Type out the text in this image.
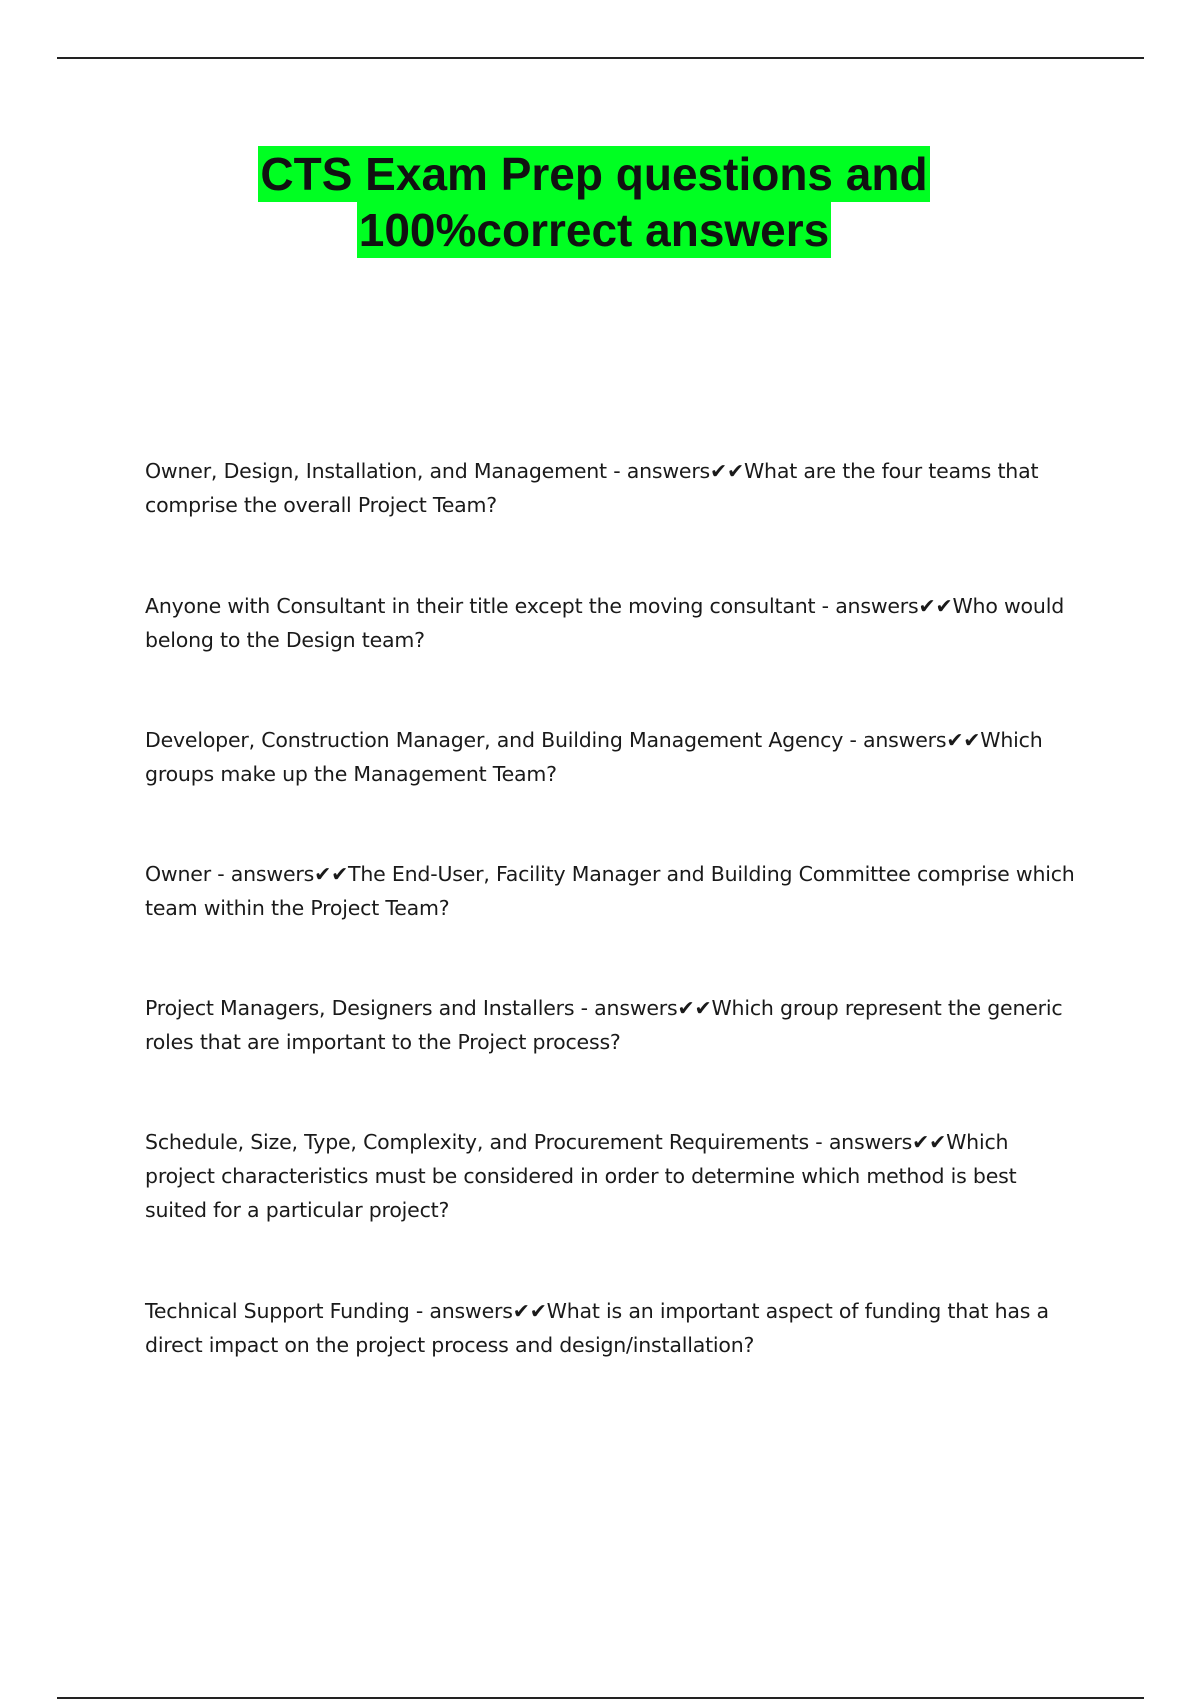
CTS Exam Prep questions and
100%correct answers
Owner, Design, Installation, and Management - answers✔✔What are the four teams that comprise the overall Project Team?
Anyone with Consultant in their title except the moving consultant - answers✔✔Who would belong to the Design team?
Developer, Construction Manager, and Building Management Agency - answers✔✔Which groups make up the Management Team?
Owner - answers✔✔The End-User, Facility Manager and Building Committee comprise which team within the Project Team?
Project Managers, Designers and Installers - answers✔✔Which group represent the generic roles that are important to the Project process?
Schedule, Size, Type, Complexity, and Procurement Requirements - answers✔✔Which project characteristics must be considered in order to determine which method is best suited for a particular project?
Technical Support Funding - answers✔✔What is an important aspect of funding that has a direct impact on the project process and design/installation?
